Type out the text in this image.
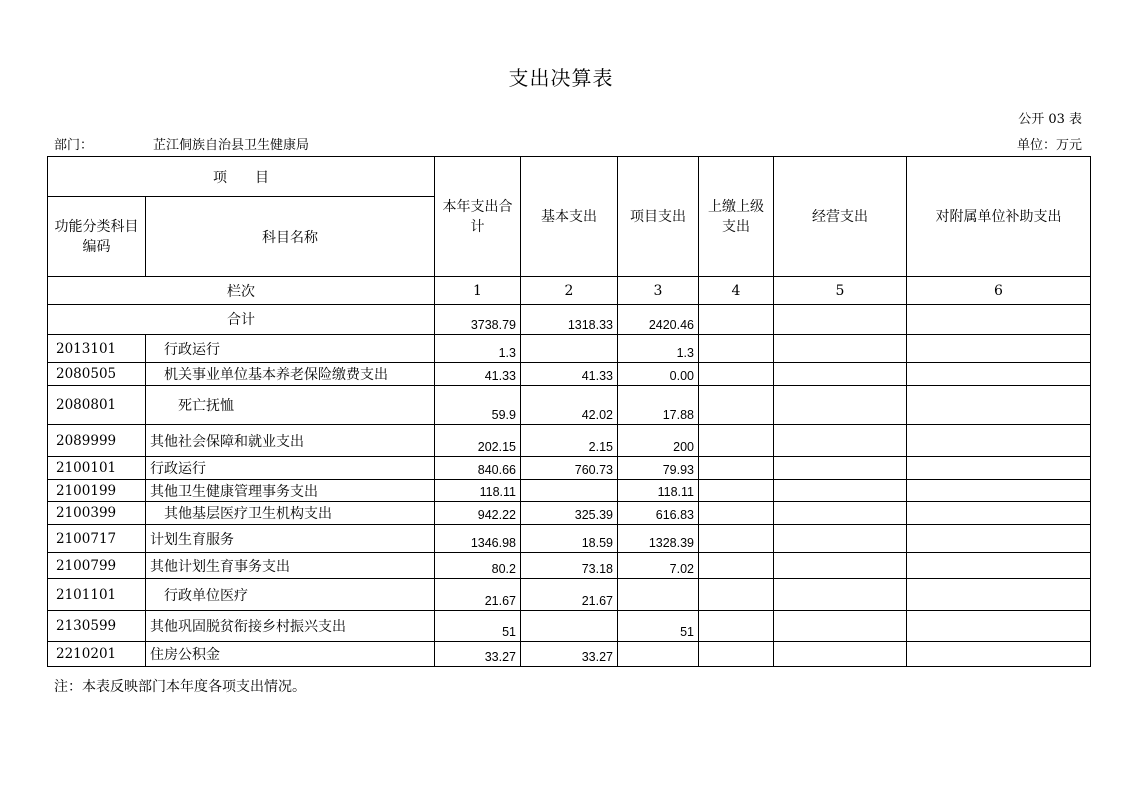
支出决算表
公开 03 表
部门：	芷江侗族自治县卫生健康局	单位：万元
项　　目		本年支出合计	基本支出	项目支出	上缴上级支出	经营支出	对附属单位补助支出
功能分类科目编码	科目名称						
栏次		1	2	3	4	5	6
合计		3738.79	1318.33	2420.46			
2013101	　行政运行	1.3		1.3			
2080505	　机关事业单位基本养老保险缴费支出	41.33	41.33	0.00			
2080801	　　死亡抚恤	59.9	42.02	17.88			
2089999	其他社会保障和就业支出	202.15	2.15	200			
2100101	行政运行	840.66	760.73	79.93			
2100199	其他卫生健康管理事务支出	118.11		118.11			
2100399	　其他基层医疗卫生机构支出	942.22	325.39	616.83			
2100717	计划生育服务	1346.98	18.59	1328.39			
2100799	其他计划生育事务支出	80.2	73.18	7.02			
2101101	　行政单位医疗	21.67	21.67				
2130599	其他巩固脱贫衔接乡村振兴支出	51		51			
2210201	住房公积金	33.27	33.27				
注：本表反映部门本年度各项支出情况。
